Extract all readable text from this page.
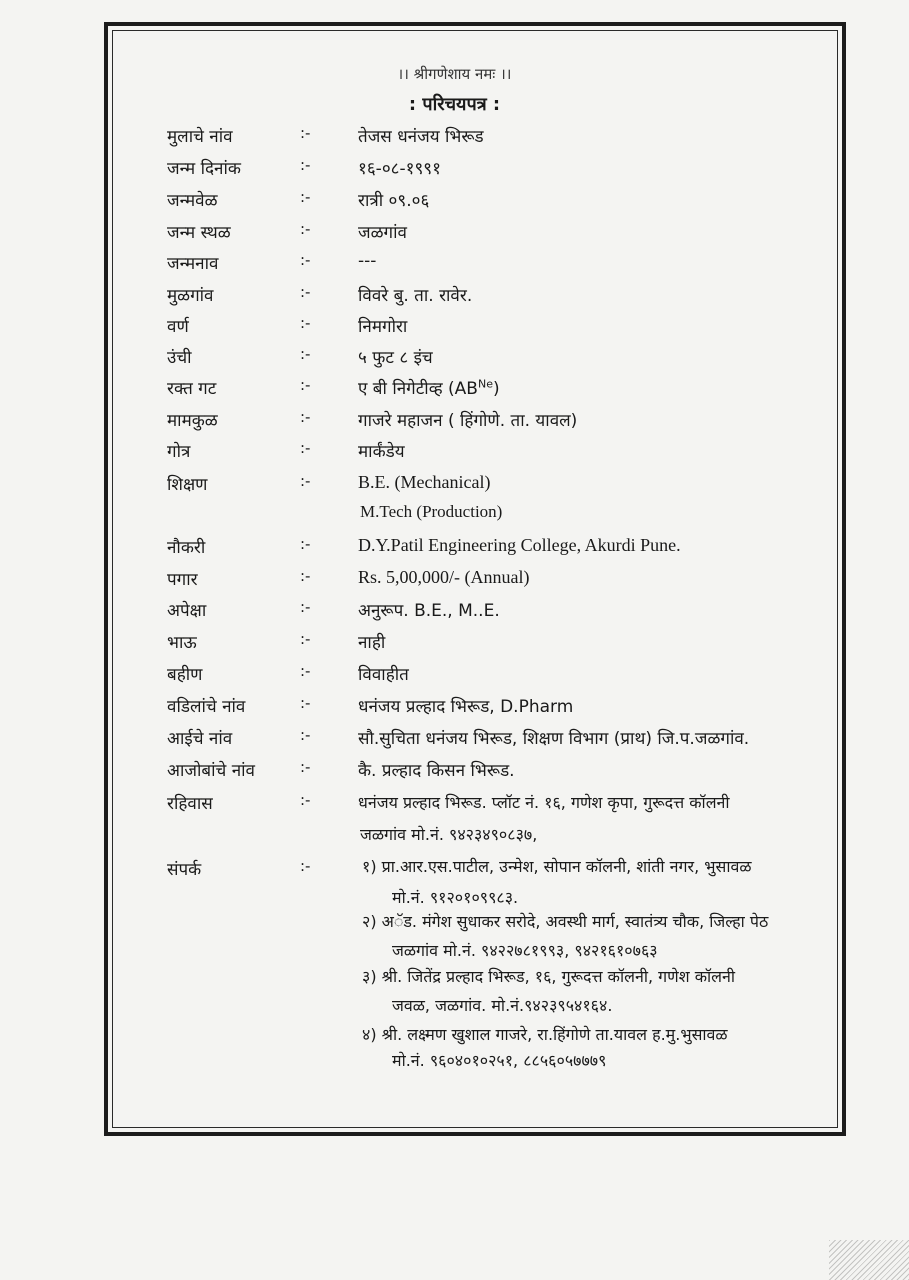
।। श्रीगणेशाय नमः ।।
: परिचयपत्र :
मुलाचे नांव	:-	तेजस धनंजय भिरूड
जन्म दिनांक	:-	१६-०८-१९९१
जन्मवेळ	:-	रात्री ०९.०६
जन्म स्थळ	:-	जळगांव
जन्मनाव	:-	---
मुळगांव	:-	विवरे बु. ता. रावेर.
वर्ण	:-	निमगोरा
उंची	:-	५ फुट ८ इंच
रक्त गट	:-	ए बी निगेटीव्ह $(AB^{Ne})$
मामकुळ	:-	गाजरे महाजन ( हिंगोणे. ता. यावल)
गोत्र	:-	मार्कंडेय
शिक्षण	:-	B.E. (Mechanical)
M.Tech (Production)
नौकरी	:-	D.Y.Patil Engineering College, Akurdi Pune.
पगार	:-	Rs. 5,00,000/- (Annual)
अपेक्षा	:-	अनुरूप. B.E., M..E.
भाऊ	:-	नाही
बहीण	:-	विवाहीत
वडिलांचे नांव	:-	धनंजय प्रल्हाद भिरूड, D.Pharm
आईचे नांव	:-	सौ.सुचिता धनंजय भिरूड, शिक्षण विभाग (प्राथ) जि.प.जळगांव.
आजोबांचे नांव	:-	कै. प्रल्हाद किसन भिरूड.
रहिवास	:-	धनंजय प्रल्हाद भिरूड. प्लॉट नं. १६, गणेश कृपा, गुरूदत्त कॉलनी
जळगांव मो.नं. ९४२३४९०८३७,
संपर्क	:-	१) प्रा.आर.एस.पाटील, उन्मेश, सोपान कॉलनी, शांती नगर, भुसावळ
मो.नं. ९१२०१०९९८३.
२) अॅड. मंगेश सुधाकर सरोदे, अवस्थी मार्ग, स्वातंत्र्य चौक, जिल्हा पेठ
जळगांव मो.नं. ९४२२७८१९९३, ९४२१६१०७६३
३) श्री. जितेंद्र प्रल्हाद भिरूड, १६, गुरूदत्त कॉलनी, गणेश कॉलनी
जवळ, जळगांव. मो.नं.९४२३९५४१६४.
४) श्री. लक्ष्मण खुशाल गाजरे, रा.हिंगोणे ता.यावल ह.मु.भुसावळ
मो.नं. ९६०४०१०२५१, ८८५६०५७७७९
